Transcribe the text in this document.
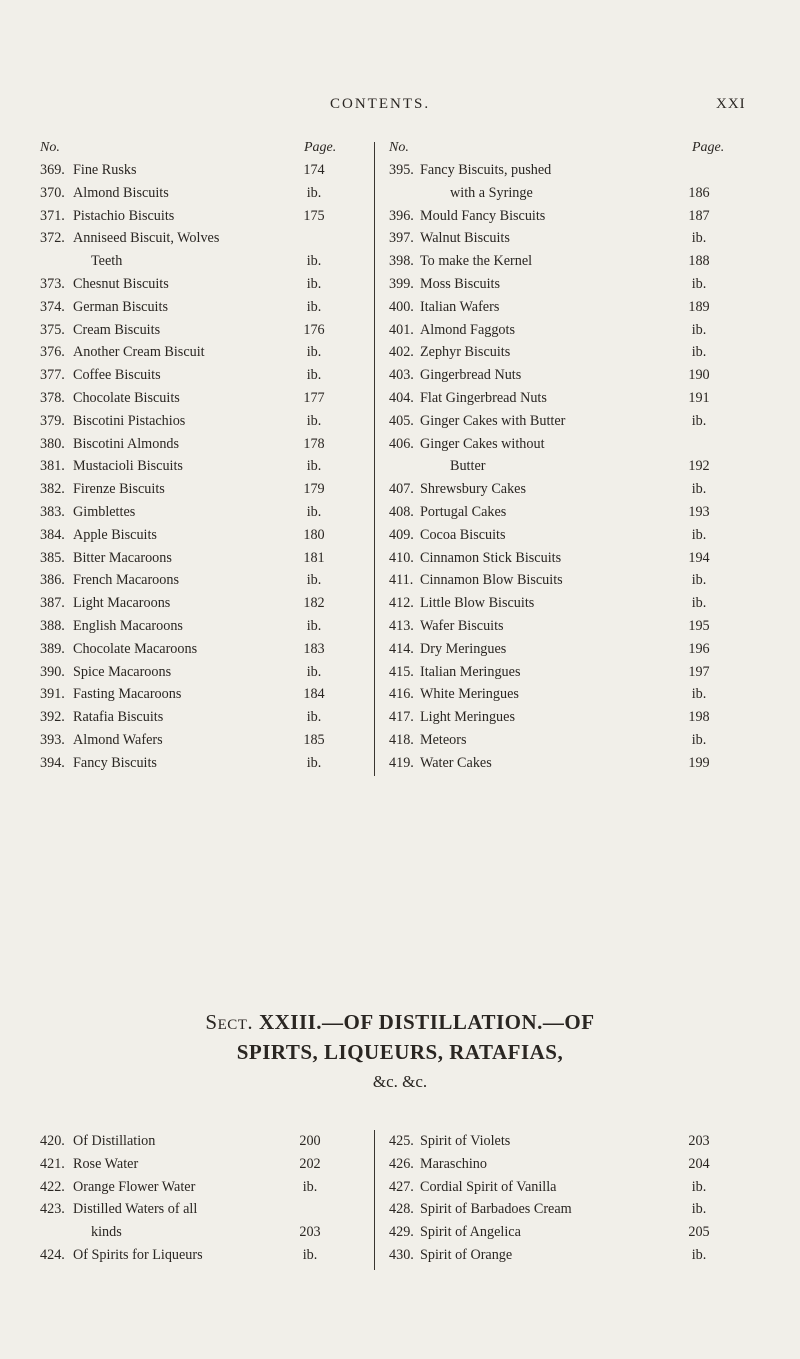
CONTENTS.	XXI
No.	Page.
369. Fine Rusks	174
370. Almond Biscuits	ib.
371. Pistachio Biscuits	175
372. Anniseed Biscuit, Wolves
Teeth	ib.
373. Chesnut Biscuits	ib.
374. German Biscuits	ib.
375. Cream Biscuits	176
376. Another Cream Biscuit	ib.
377. Coffee Biscuits	ib.
378. Chocolate Biscuits	177
379. Biscotini Pistachios	ib.
380. Biscotini Almonds	178
381. Mustacioli Biscuits	ib.
382. Firenze Biscuits	179
383. Gimblettes	ib.
384. Apple Biscuits	180
385. Bitter Macaroons	181
386. French Macaroons	ib.
387. Light Macaroons	182
388. English Macaroons	ib.
389. Chocolate Macaroons	183
390. Spice Macaroons	ib.
391. Fasting Macaroons	184
392. Ratafia Biscuits	ib.
393. Almond Wafers	185
394. Fancy Biscuits	ib.
No.	Page.
395. Fancy Biscuits, pushed
with a Syringe	186
396. Mould Fancy Biscuits	187
397. Walnut Biscuits	ib.
398. To make the Kernel	188
399. Moss Biscuits	ib.
400. Italian Wafers	189
401. Almond Faggots	ib.
402. Zephyr Biscuits	ib.
403. Gingerbread Nuts	190
404. Flat Gingerbread Nuts	191
405. Ginger Cakes with Butter	ib.
406. Ginger Cakes without
Butter	192
407. Shrewsbury Cakes	ib.
408. Portugal Cakes	193
409. Cocoa Biscuits	ib.
410. Cinnamon Stick Biscuits	194
411. Cinnamon Blow Biscuits	ib.
412. Little Blow Biscuits	ib.
413. Wafer Biscuits	195
414. Dry Meringues	196
415. Italian Meringues	197
416. White Meringues	ib.
417. Light Meringues	198
418. Meteors	ib.
419. Water Cakes	199
Sect. XXIII.—OF DISTILLATION.—OF
SPIRTS, LIQUEURS, RATAFIAS,
&c. &c.
420. Of Distillation	200
421. Rose Water	202
422. Orange Flower Water	ib.
423. Distilled Waters of all
kinds	203
424. Of Spirits for Liqueurs	ib.
425. Spirit of Violets	203
426. Maraschino	204
427. Cordial Spirit of Vanilla	ib.
428. Spirit of Barbadoes Cream	ib.
429. Spirit of Angelica	205
430. Spirit of Orange	ib.
